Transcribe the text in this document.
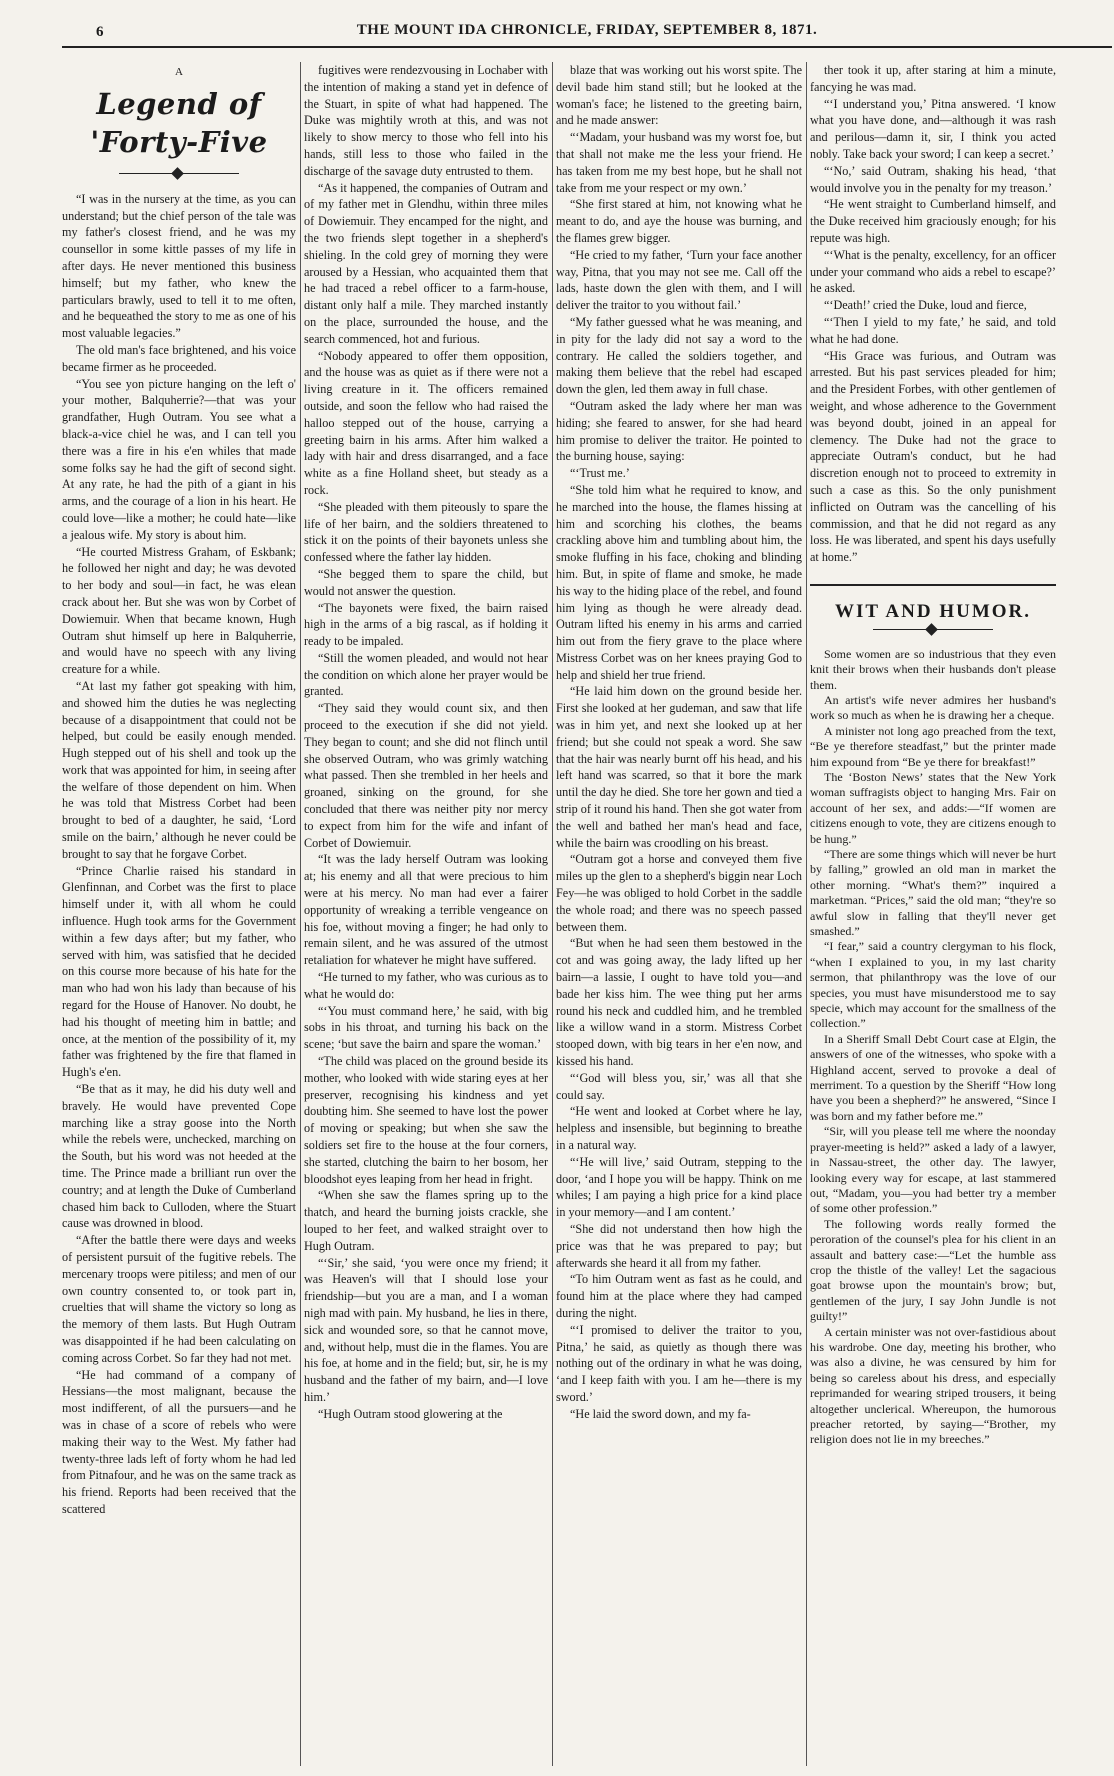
6	THE MOUNT IDA CHRONICLE, FRIDAY, SEPTEMBER 8, 1871.
A
Legend of 'Forty-Five

“I was in the nursery at the time, as you can understand; but the chief person of the tale was my father's closest friend, and he was my counsellor in some kittle passes of my life in after days. He never mentioned this business himself; but my father, who knew the particulars brawly, used to tell it to me often, and he bequeathed the story to me as one of his most valuable legacies.”

The old man's face brightened, and his voice became firmer as he proceeded.

“You see yon picture hanging on the left o' your mother, Balquherrie?—that was your grandfather, Hugh Outram. You see what a black-a-vice chiel he was, and I can tell you there was a fire in his e'en whiles that made some folks say he had the gift of second sight. At any rate, he had the pith of a giant in his arms, and the courage of a lion in his heart. He could love—like a mother; he could hate—like a jealous wife. My story is about him.

“He courted Mistress Graham, of Eskbank; he followed her night and day; he was devoted to her body and soul—in fact, he was elean crack about her. But she was won by Corbet of Dowiemuir. When that became known, Hugh Outram shut himself up here in Balquherrie, and would have no speech with any living creature for a while.

“At last my father got speaking with him, and showed him the duties he was neglecting because of a disappointment that could not be helped, but could be easily enough mended. Hugh stepped out of his shell and took up the work that was appointed for him, in seeing after the welfare of those dependent on him. When he was told that Mistress Corbet had been brought to bed of a daughter, he said, ‘Lord smile on the bairn,’ although he never could be brought to say that he forgave Corbet.

“Prince Charlie raised his standard in Glenfinnan, and Corbet was the first to place himself under it, with all whom he could influence. Hugh took arms for the Government within a few days after; but my father, who served with him, was satisfied that he decided on this course more because of his hate for the man who had won his lady than because of his regard for the House of Hanover. No doubt, he had his thought of meeting him in battle; and once, at the mention of the possibility of it, my father was frightened by the fire that flamed in Hugh's e'en.

“Be that as it may, he did his duty well and bravely. He would have prevented Cope marching like a stray goose into the North while the rebels were, unchecked, marching on the South, but his word was not heeded at the time. The Prince made a brilliant run over the country; and at length the Duke of Cumberland chased him back to Culloden, where the Stuart cause was drowned in blood.

“After the battle there were days and weeks of persistent pursuit of the fugitive rebels. The mercenary troops were pitiless; and men of our own country consented to, or took part in, cruelties that will shame the victory so long as the memory of them lasts. But Hugh Outram was disappointed if he had been calculating on coming across Corbet. So far they had not met.

“He had command of a company of Hessians—the most malignant, because the most indifferent, of all the pursuers—and he was in chase of a score of rebels who were making their way to the West. My father had twenty-three lads left of forty whom he had led from Pitnafour, and he was on the same track as his friend. Reports had been received that the scattered

fugitives were rendezvousing in Lochaber with the intention of making a stand yet in defence of the Stuart, in spite of what had happened. The Duke was mightily wroth at this, and was not likely to show mercy to those who fell into his hands, still less to those who failed in the discharge of the savage duty entrusted to them.

“As it happened, the companies of Outram and of my father met in Glendhu, within three miles of Dowiemuir. They encamped for the night, and the two friends slept together in a shepherd's shieling. In the cold grey of morning they were aroused by a Hessian, who acquainted them that he had traced a rebel officer to a farm-house, distant only half a mile. They marched instantly on the place, surrounded the house, and the search commenced, hot and furious.

“Nobody appeared to offer them opposition, and the house was as quiet as if there were not a living creature in it. The officers remained outside, and soon the fellow who had raised the halloo stepped out of the house, carrying a greeting bairn in his arms. After him walked a lady with hair and dress disarranged, and a face white as a fine Holland sheet, but steady as a rock.

“She pleaded with them piteously to spare the life of her bairn, and the soldiers threatened to stick it on the points of their bayonets unless she confessed where the father lay hidden.

“She begged them to spare the child, but would not answer the question.

“The bayonets were fixed, the bairn raised high in the arms of a big rascal, as if holding it ready to be impaled.

“Still the women pleaded, and would not hear the condition on which alone her prayer would be granted.

“They said they would count six, and then proceed to the execution if she did not yield. They began to count; and she did not flinch until she observed Outram, who was grimly watching what passed. Then she trembled in her heels and groaned, sinking on the ground, for she concluded that there was neither pity nor mercy to expect from him for the wife and infant of Corbet of Dowiemuir.

“It was the lady herself Outram was looking at; his enemy and all that were precious to him were at his mercy. No man had ever a fairer opportunity of wreaking a terrible vengeance on his foe, without moving a finger; he had only to remain silent, and he was assured of the utmost retaliation for whatever he might have suffered.

“He turned to my father, who was curious as to what he would do:

“‘You must command here,’ he said, with big sobs in his throat, and turning his back on the scene; ‘but save the bairn and spare the woman.’

“The child was placed on the ground beside its mother, who looked with wide staring eyes at her preserver, recognising his kindness and yet doubting him. She seemed to have lost the power of moving or speaking; but when she saw the soldiers set fire to the house at the four corners, she started, clutching the bairn to her bosom, her bloodshot eyes leaping from her head in fright.

“When she saw the flames spring up to the thatch, and heard the burning joists crackle, she louped to her feet, and walked straight over to Hugh Outram.

“‘Sir,’ she said, ‘you were once my friend; it was Heaven's will that I should lose your friendship—but you are a man, and I a woman nigh mad with pain. My husband, he lies in there, sick and wounded sore, so that he cannot move, and, without help, must die in the flames. You are his foe, at home and in the field; but, sir, he is my husband and the father of my bairn, and—I love him.’

“Hugh Outram stood glowering at the

blaze that was working out his worst spite. The devil bade him stand still; but he looked at the woman's face; he listened to the greeting bairn, and he made answer:

“‘Madam, your husband was my worst foe, but that shall not make me the less your friend. He has taken from me my best hope, but he shall not take from me your respect or my own.’

“She first stared at him, not knowing what he meant to do, and aye the house was burning, and the flames grew bigger.

“He cried to my father, ‘Turn your face another way, Pitna, that you may not see me. Call off the lads, haste down the glen with them, and I will deliver the traitor to you without fail.’

“My father guessed what he was meaning, and in pity for the lady did not say a word to the contrary. He called the soldiers together, and making them believe that the rebel had escaped down the glen, led them away in full chase.

“Outram asked the lady where her man was hiding; she feared to answer, for she had heard him promise to deliver the traitor. He pointed to the burning house, saying:

“‘Trust me.’

“She told him what he required to know, and he marched into the house, the flames hissing at him and scorching his clothes, the beams crackling above him and tumbling about him, the smoke fluffing in his face, choking and blinding him. But, in spite of flame and smoke, he made his way to the hiding place of the rebel, and found him lying as though he were already dead. Outram lifted his enemy in his arms and carried him out from the fiery grave to the place where Mistress Corbet was on her knees praying God to help and shield her true friend.

“He laid him down on the ground beside her. First she looked at her gudeman, and saw that life was in him yet, and next she looked up at her friend; but she could not speak a word. She saw that the hair was nearly burnt off his head, and his left hand was scarred, so that it bore the mark until the day he died. She tore her gown and tied a strip of it round his hand. Then she got water from the well and bathed her man's head and face, while the bairn was croodling on his breast.

“Outram got a horse and conveyed them five miles up the glen to a shepherd's biggin near Loch Fey—he was obliged to hold Corbet in the saddle the whole road; and there was no speech passed between them.

“But when he had seen them bestowed in the cot and was going away, the lady lifted up her bairn—a lassie, I ought to have told you—and bade her kiss him. The wee thing put her arms round his neck and cuddled him, and he trembled like a willow wand in a storm. Mistress Corbet stooped down, with big tears in her e'en now, and kissed his hand.

“‘God will bless you, sir,’ was all that she could say.

“He went and looked at Corbet where he lay, helpless and insensible, but beginning to breathe in a natural way.

“‘He will live,’ said Outram, stepping to the door, ‘and I hope you will be happy. Think on me whiles; I am paying a high price for a kind place in your memory—and I am content.’

“She did not understand then how high the price was that he was prepared to pay; but afterwards she heard it all from my father.

“To him Outram went as fast as he could, and found him at the place where they had camped during the night.

“‘I promised to deliver the traitor to you, Pitna,’ he said, as quietly as though there was nothing out of the ordinary in what he was doing, ‘and I keep faith with you. I am he—there is my sword.’

“He laid the sword down, and my fa-

ther took it up, after staring at him a minute, fancying he was mad.

“‘I understand you,’ Pitna answered. ‘I know what you have done, and—although it was rash and perilous—damn it, sir, I think you acted nobly. Take back your sword; I can keep a secret.’

“‘No,’ said Outram, shaking his head, ‘that would involve you in the penalty for my treason.’

“He went straight to Cumberland himself, and the Duke received him graciously enough; for his repute was high.

“‘What is the penalty, excellency, for an officer under your command who aids a rebel to escape?’ he asked.

“‘Death!’ cried the Duke, loud and fierce,

“‘Then I yield to my fate,’ he said, and told what he had done.

“His Grace was furious, and Outram was arrested. But his past services pleaded for him; and the President Forbes, with other gentlemen of weight, and whose adherence to the Government was beyond doubt, joined in an appeal for clemency. The Duke had not the grace to appreciate Outram's conduct, but he had discretion enough not to proceed to extremity in such a case as this. So the only punishment inflicted on Outram was the cancelling of his commission, and that he did not regard as any loss. He was liberated, and spent his days usefully at home.”

WIT AND HUMOR.

Some women are so industrious that they even knit their brows when their husbands don't please them.

An artist's wife never admires her husband's work so much as when he is drawing her a cheque.

A minister not long ago preached from the text, “Be ye therefore steadfast,” but the printer made him expound from “Be ye there for breakfast!”

The ‘Boston News’ states that the New York woman suffragists object to hanging Mrs. Fair on account of her sex, and adds:—“If women are citizens enough to vote, they are citizens enough to be hung.”

“There are some things which will never be hurt by falling,” growled an old man in market the other morning. “What's them?” inquired a marketman. “Prices,” said the old man; “they're so awful slow in falling that they'll never get smashed.”

“I fear,” said a country clergyman to his flock, “when I explained to you, in my last charity sermon, that philanthropy was the love of our species, you must have misunderstood me to say specie, which may account for the smallness of the collection.”

In a Sheriff Small Debt Court case at Elgin, the answers of one of the witnesses, who spoke with a Highland accent, served to provoke a deal of merriment. To a question by the Sheriff “How long have you been a shepherd?” he answered, “Since I was born and my father before me.”

“Sir, will you please tell me where the noonday prayer-meeting is held?” asked a lady of a lawyer, in Nassau-street, the other day. The lawyer, looking every way for escape, at last stammered out, “Madam, you—you had better try a member of some other profession.”

The following words really formed the peroration of the counsel's plea for his client in an assault and battery case:—“Let the humble ass crop the thistle of the valley! Let the sagacious goat browse upon the mountain's brow; but, gentlemen of the jury, I say John Jundle is not guilty!”

A certain minister was not over-fastidious about his wardrobe. One day, meeting his brother, who was also a divine, he was censured by him for being so careless about his dress, and especially reprimanded for wearing striped trousers, it being altogether unclerical. Whereupon, the humorous preacher retorted, by saying—“Brother, my religion does not lie in my breeches.”
